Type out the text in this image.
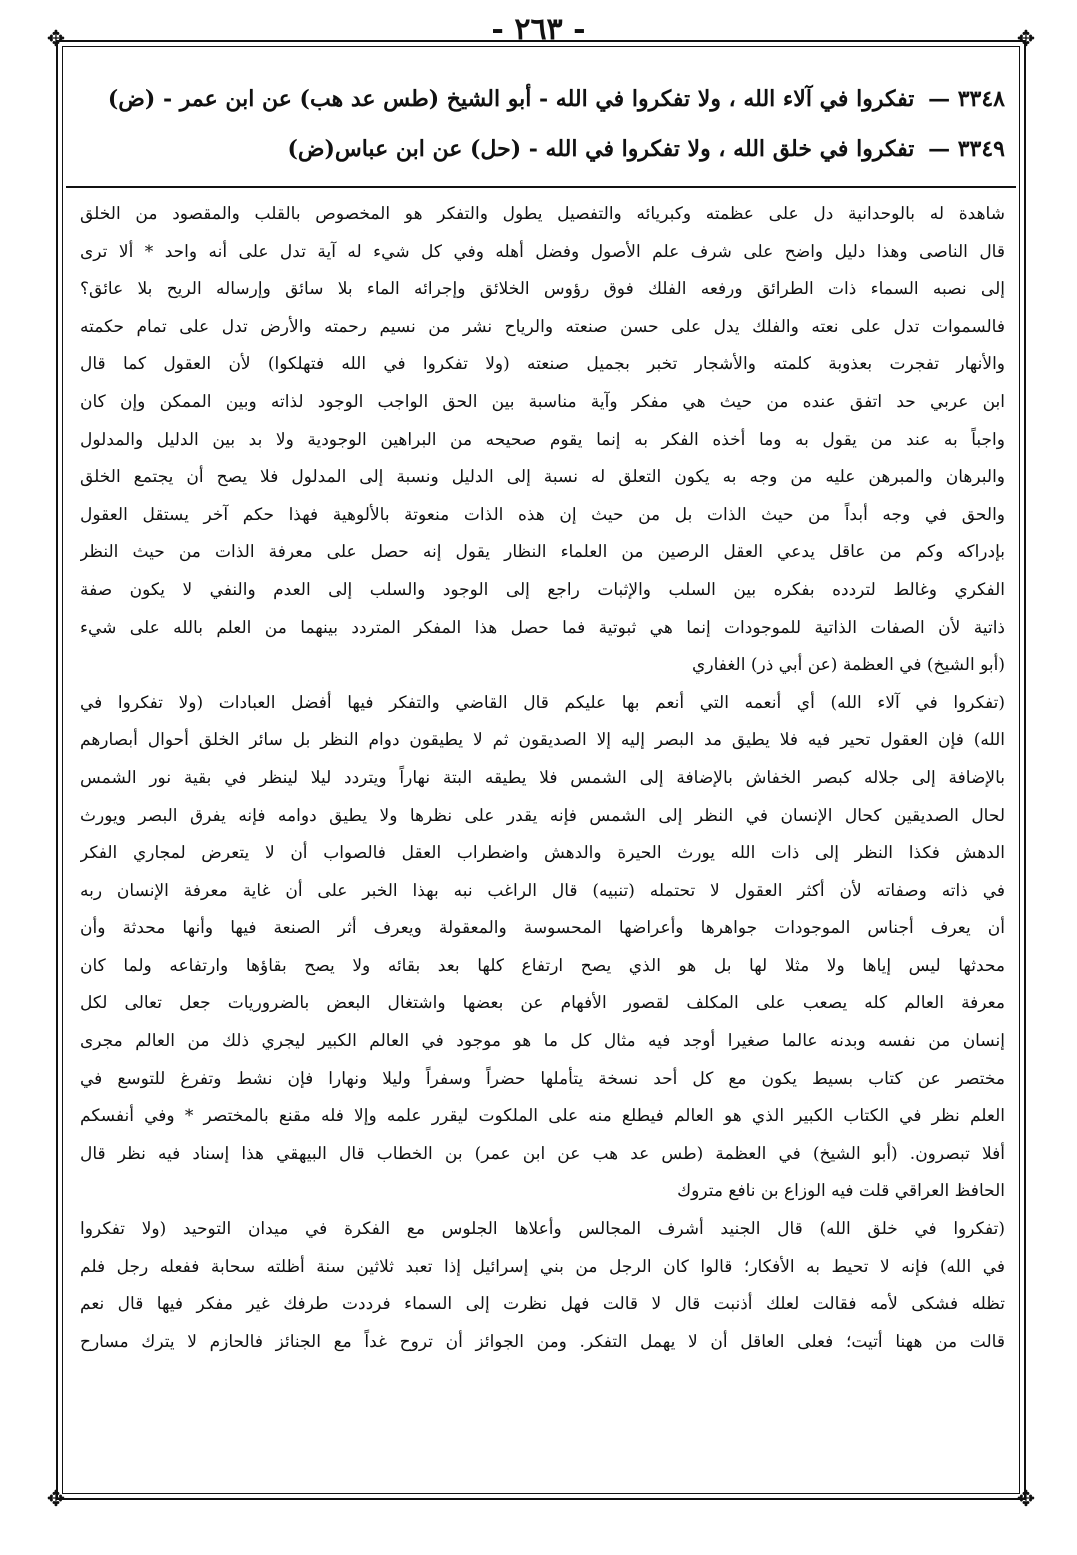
- ٢٦٣ -
✥	✥
✥	✥
٣٣٤٨ — تفكروا في آلاء الله ، ولا تفكروا في الله - أبو الشيخ (طس عد هب) عن ابن عمر - (ض)
٣٣٤٩ — تفكروا في خلق الله ، ولا تفكروا في الله - (حل) عن ابن عباس(ض)
شاهدة له بالوحدانية دل على عظمته وكبريائه والتفصيل يطول والتفكر هو المخصوص بالقلب والمقصود من الخلق
قال الناصى وهذا دليل واضح على شرف علم الأصول وفضل أهله وفي كل شيء له آية تدل على أنه واحد * ألا ترى
إلى نصبه السماء ذات الطرائق ورفعه الفلك فوق رؤوس الخلائق وإجرائه الماء بلا سائق وإرساله الريح بلا عائق؟
فالسموات تدل على نعته والفلك يدل على حسن صنعته والرياح نشر من نسيم رحمته والأرض تدل على تمام حكمته
والأنهار تفجرت بعذوبة كلمته والأشجار تخبر بجميل صنعته (ولا تفكروا في الله فتهلكوا) لأن العقول كما قال
ابن عربي حد اتفق عنده من حيث هي مفكر وآية مناسبة بين الحق الواجب الوجود لذاته وبين الممكن وإن كان
واجباً به عند من يقول به وما أخذه الفكر به إنما يقوم صحيحه من البراهين الوجودية ولا بد بين الدليل والمدلول
والبرهان والمبرهن عليه من وجه به يكون التعلق له نسبة إلى الدليل ونسبة إلى المدلول فلا يصح أن يجتمع الخلق
والحق في وجه أبداً من حيث الذات بل من حيث إن هذه الذات منعوتة بالألوهية فهذا حكم آخر يستقل العقول
بإدراكه وكم من عاقل يدعي العقل الرصين من العلماء النظار يقول إنه حصل على معرفة الذات من حيث النظر
الفكري وغالط لتردده بفكره بين السلب والإثبات راجع إلى الوجود والسلب إلى العدم والنفي لا يكون صفة
ذاتية لأن الصفات الذاتية للموجودات إنما هي ثبوتية فما حصل هذا المفكر المتردد بينهما من العلم بالله على شيء
(أبو الشيخ) في العظمة (عن أبي ذر) الغفاري
(تفكروا في آلاء الله) أي أنعمه التي أنعم بها عليكم قال القاضي والتفكر فيها أفضل العبادات (ولا تفكروا في
الله) فإن العقول تحير فيه فلا يطيق مد البصر إليه إلا الصديقون ثم لا يطيقون دوام النظر بل سائر الخلق أحوال أبصارهم
بالإضافة إلى جلاله كبصر الخفاش بالإضافة إلى الشمس فلا يطيقه البتة نهاراً ويتردد ليلا لينظر في بقية نور الشمس
لحال الصديقين كحال الإنسان في النظر إلى الشمس فإنه يقدر على نظرها ولا يطيق دوامه فإنه يفرق البصر ويورث
الدهش فكذا النظر إلى ذات الله يورث الحيرة والدهش واضطراب العقل فالصواب أن لا يتعرض لمجاري الفكر
في ذاته وصفاته لأن أكثر العقول لا تحتمله (تنبيه) قال الراغب نبه بهذا الخبر على أن غاية معرفة الإنسان ربه
أن يعرف أجناس الموجودات جواهرها وأعراضها المحسوسة والمعقولة ويعرف أثر الصنعة فيها وأنها محدثة وأن
محدثها ليس إياها ولا مثلا لها بل هو الذي يصح ارتفاع كلها بعد بقائه ولا يصح بقاؤها وارتفاعه ولما كان
معرفة العالم كله يصعب على المكلف لقصور الأفهام عن بعضها واشتغال البعض بالضروريات جعل تعالى لكل
إنسان من نفسه وبدنه عالما صغيرا أوجد فيه مثال كل ما هو موجود في العالم الكبير ليجري ذلك من العالم مجرى
مختصر عن كتاب بسيط يكون مع كل أحد نسخة يتأملها حضراً وسفراً وليلا ونهارا فإن نشط وتفرغ للتوسع في
العلم نظر في الكتاب الكبير الذي هو العالم فيطلع منه على الملكوت ليقرر علمه وإلا فله مقنع بالمختصر * وفي أنفسكم
أفلا تبصرون. (أبو الشيخ) في العظمة (طس عد هب عن ابن عمر) بن الخطاب قال البيهقي هذا إسناد فيه نظر قال
الحافظ العراقي قلت فيه الوزاع بن نافع متروك
(تفكروا في خلق الله) قال الجنيد أشرف المجالس وأعلاها الجلوس مع الفكرة في ميدان التوحيد (ولا تفكروا
في الله) فإنه لا تحيط به الأفكار؛ قالوا كان الرجل من بني إسرائيل إذا تعبد ثلاثين سنة أظلته سحابة ففعله رجل فلم
تظله فشكى لأمه فقالت لعلك أذنبت قال لا قالت فهل نظرت إلى السماء فرددت طرفك غير مفكر فيها قال نعم
قالت من ههنا أتيت؛ فعلى العاقل أن لا يهمل التفكر. ومن الجوائز أن تروح غداً مع الجنائز فالحازم لا يترك مسارح
